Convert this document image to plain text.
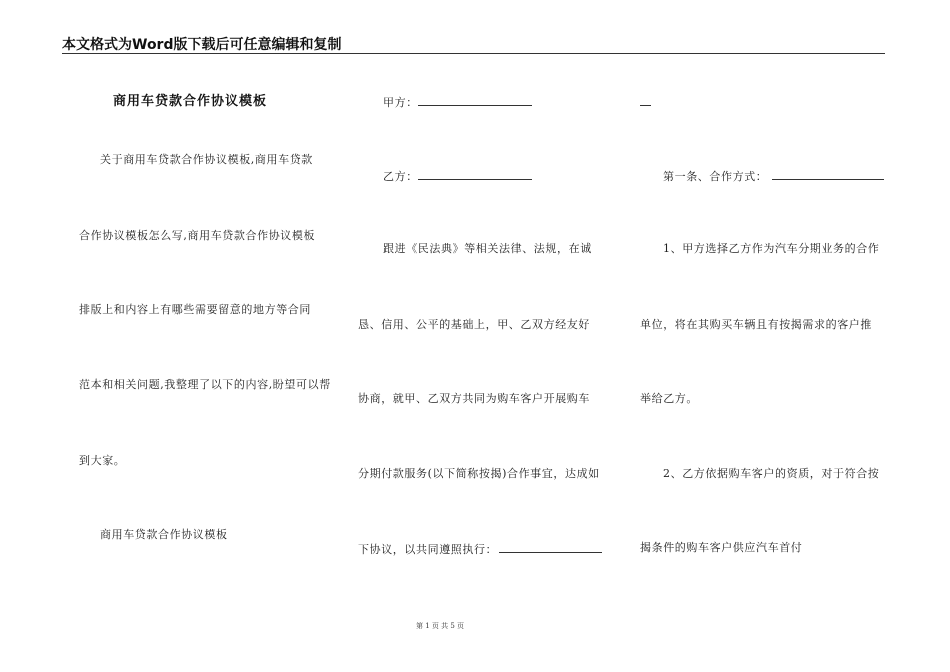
本文格式为Word版下载后可任意编辑和复制
商用车贷款合作协议模板
关于商用车贷款合作协议模板,商用车贷款
合作协议模板怎么写,商用车贷款合作协议模板
排版上和内容上有哪些需要留意的地方等合同
范本和相关问题,我整理了以下的内容,盼望可以帮
到大家。
商用车贷款合作协议模板
甲方：
乙方：
跟进《民法典》等相关法律、法规，在诚
恳、信用、公平的基础上，甲、乙双方经友好
协商，就甲、乙双方共同为购车客户开展购车
分期付款服务(以下简称按揭)合作事宜，达成如
下协议，以共同遵照执行：
第一条、合作方式：
1、甲方选择乙方作为汽车分期业务的合作
单位，将在其购买车辆且有按揭需求的客户推
举给乙方。
2、乙方依据购车客户的资质，对于符合按
揭条件的购车客户供应汽车首付
第 1 页 共 5 页
